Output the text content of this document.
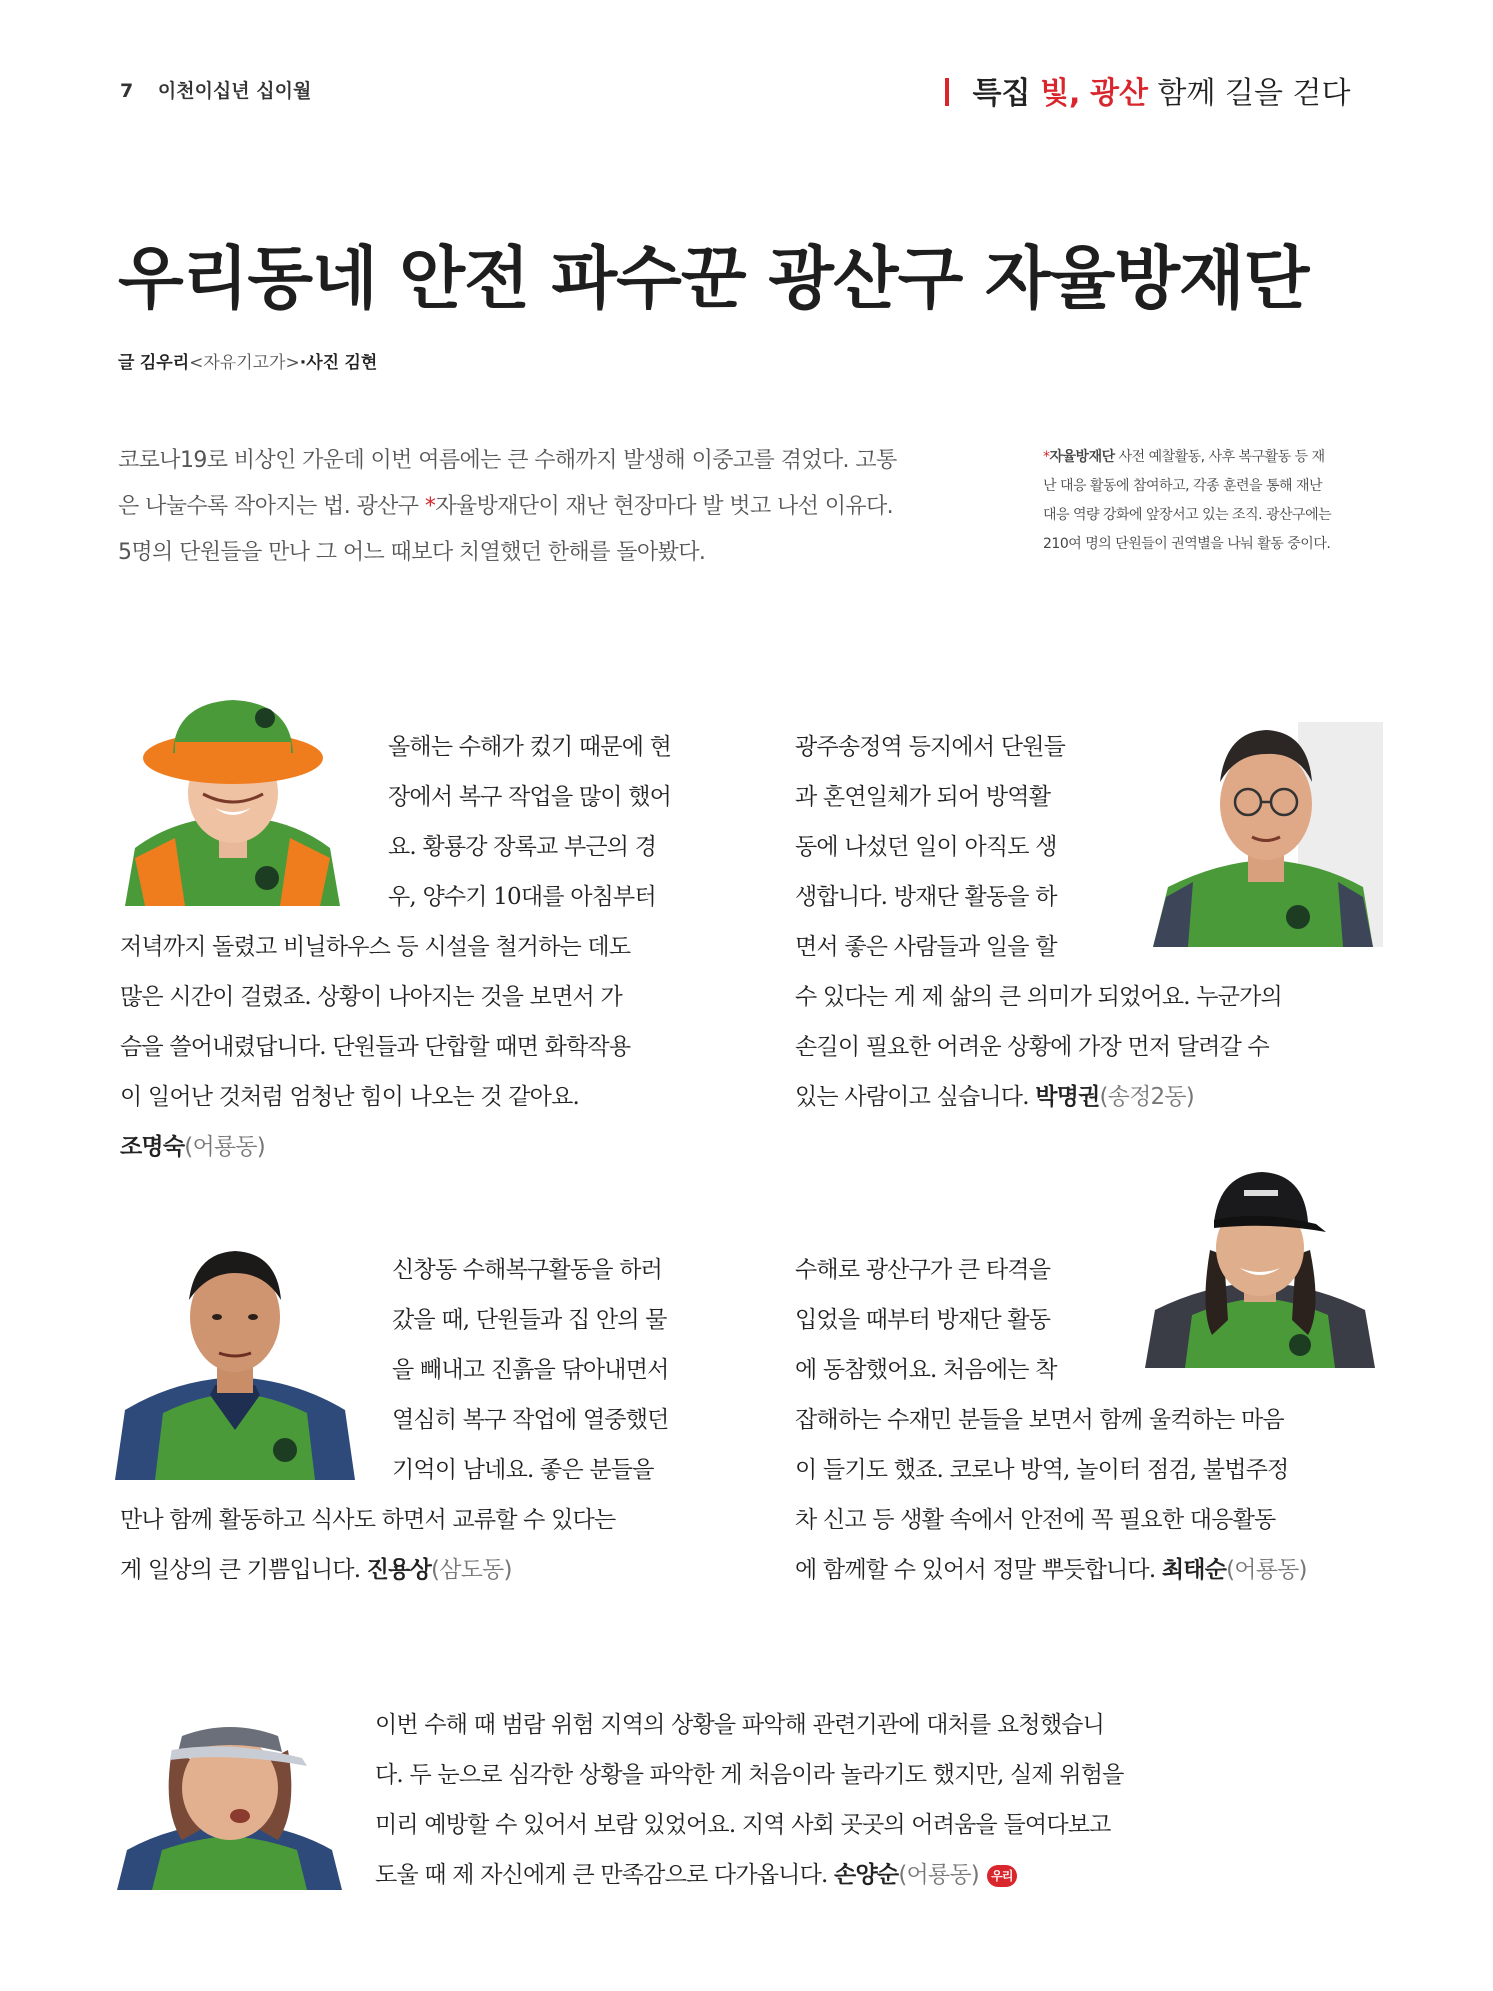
7 이천이십년 십이월	특집 빛, 광산 함께 길을 걷다
우리동네 안전 파수꾼 광산구 자율방재단
글 김우리<자유기고가>·사진 김현

코로나19로 비상인 가운데 이번 여름에는 큰 수해까지 발생해 이중고를 겪었다. 고통

은 나눌수록 작아지는 법. 광산구 *자율방재단이 재난 현장마다 발 벗고 나선 이유다.

5명의 단원들을 만나 그 어느 때보다 치열했던 한해를 돌아봤다.

*자율방재단 사전 예찰활동, 사후 복구활동 등 재

난 대응 활동에 참여하고, 각종 훈련을 통해 재난

대응 역량 강화에 앞장서고 있는 조직. 광산구에는

210여 명의 단원들이 권역별을 나눠 활동 중이다.

올해는 수해가 컸기 때문에 현

장에서 복구 작업을 많이 했어

요. 황룡강 장록교 부근의 경

우, 양수기 10대를 아침부터

저녁까지 돌렸고 비닐하우스 등 시설을 철거하는 데도

많은 시간이 걸렸죠. 상황이 나아지는 것을 보면서 가

슴을 쓸어내렸답니다. 단원들과 단합할 때면 화학작용

이 일어난 것처럼 엄청난 힘이 나오는 것 같아요.

조명숙(어룡동)

광주송정역 등지에서 단원들

과 혼연일체가 되어 방역활

동에 나섰던 일이 아직도 생

생합니다. 방재단 활동을 하

면서 좋은 사람들과 일을 할

수 있다는 게 제 삶의 큰 의미가 되었어요. 누군가의

손길이 필요한 어려운 상황에 가장 먼저 달려갈 수

있는 사람이고 싶습니다. 박명권(송정2동)

신창동 수해복구활동을 하러

갔을 때, 단원들과 집 안의 물

을 빼내고 진흙을 닦아내면서

열심히 복구 작업에 열중했던

기억이 남네요. 좋은 분들을

만나 함께 활동하고 식사도 하면서 교류할 수 있다는

게 일상의 큰 기쁨입니다. 진용상(삼도동)

수해로 광산구가 큰 타격을

입었을 때부터 방재단 활동

에 동참했어요. 처음에는 착

잡해하는 수재민 분들을 보면서 함께 울컥하는 마음

이 들기도 했죠. 코로나 방역, 놀이터 점검, 불법주정

차 신고 등 생활 속에서 안전에 꼭 필요한 대응활동

에 함께할 수 있어서 정말 뿌듯합니다. 최태순(어룡동)

이번 수해 때 범람 위험 지역의 상황을 파악해 관련기관에 대처를 요청했습니

다. 두 눈으로 심각한 상황을 파악한 게 처음이라 놀라기도 했지만, 실제 위험을

미리 예방할 수 있어서 보람 있었어요. 지역 사회 곳곳의 어려움을 들여다보고

도울 때 제 자신에게 큰 만족감으로 다가옵니다. 손양순(어룡동) 우리
